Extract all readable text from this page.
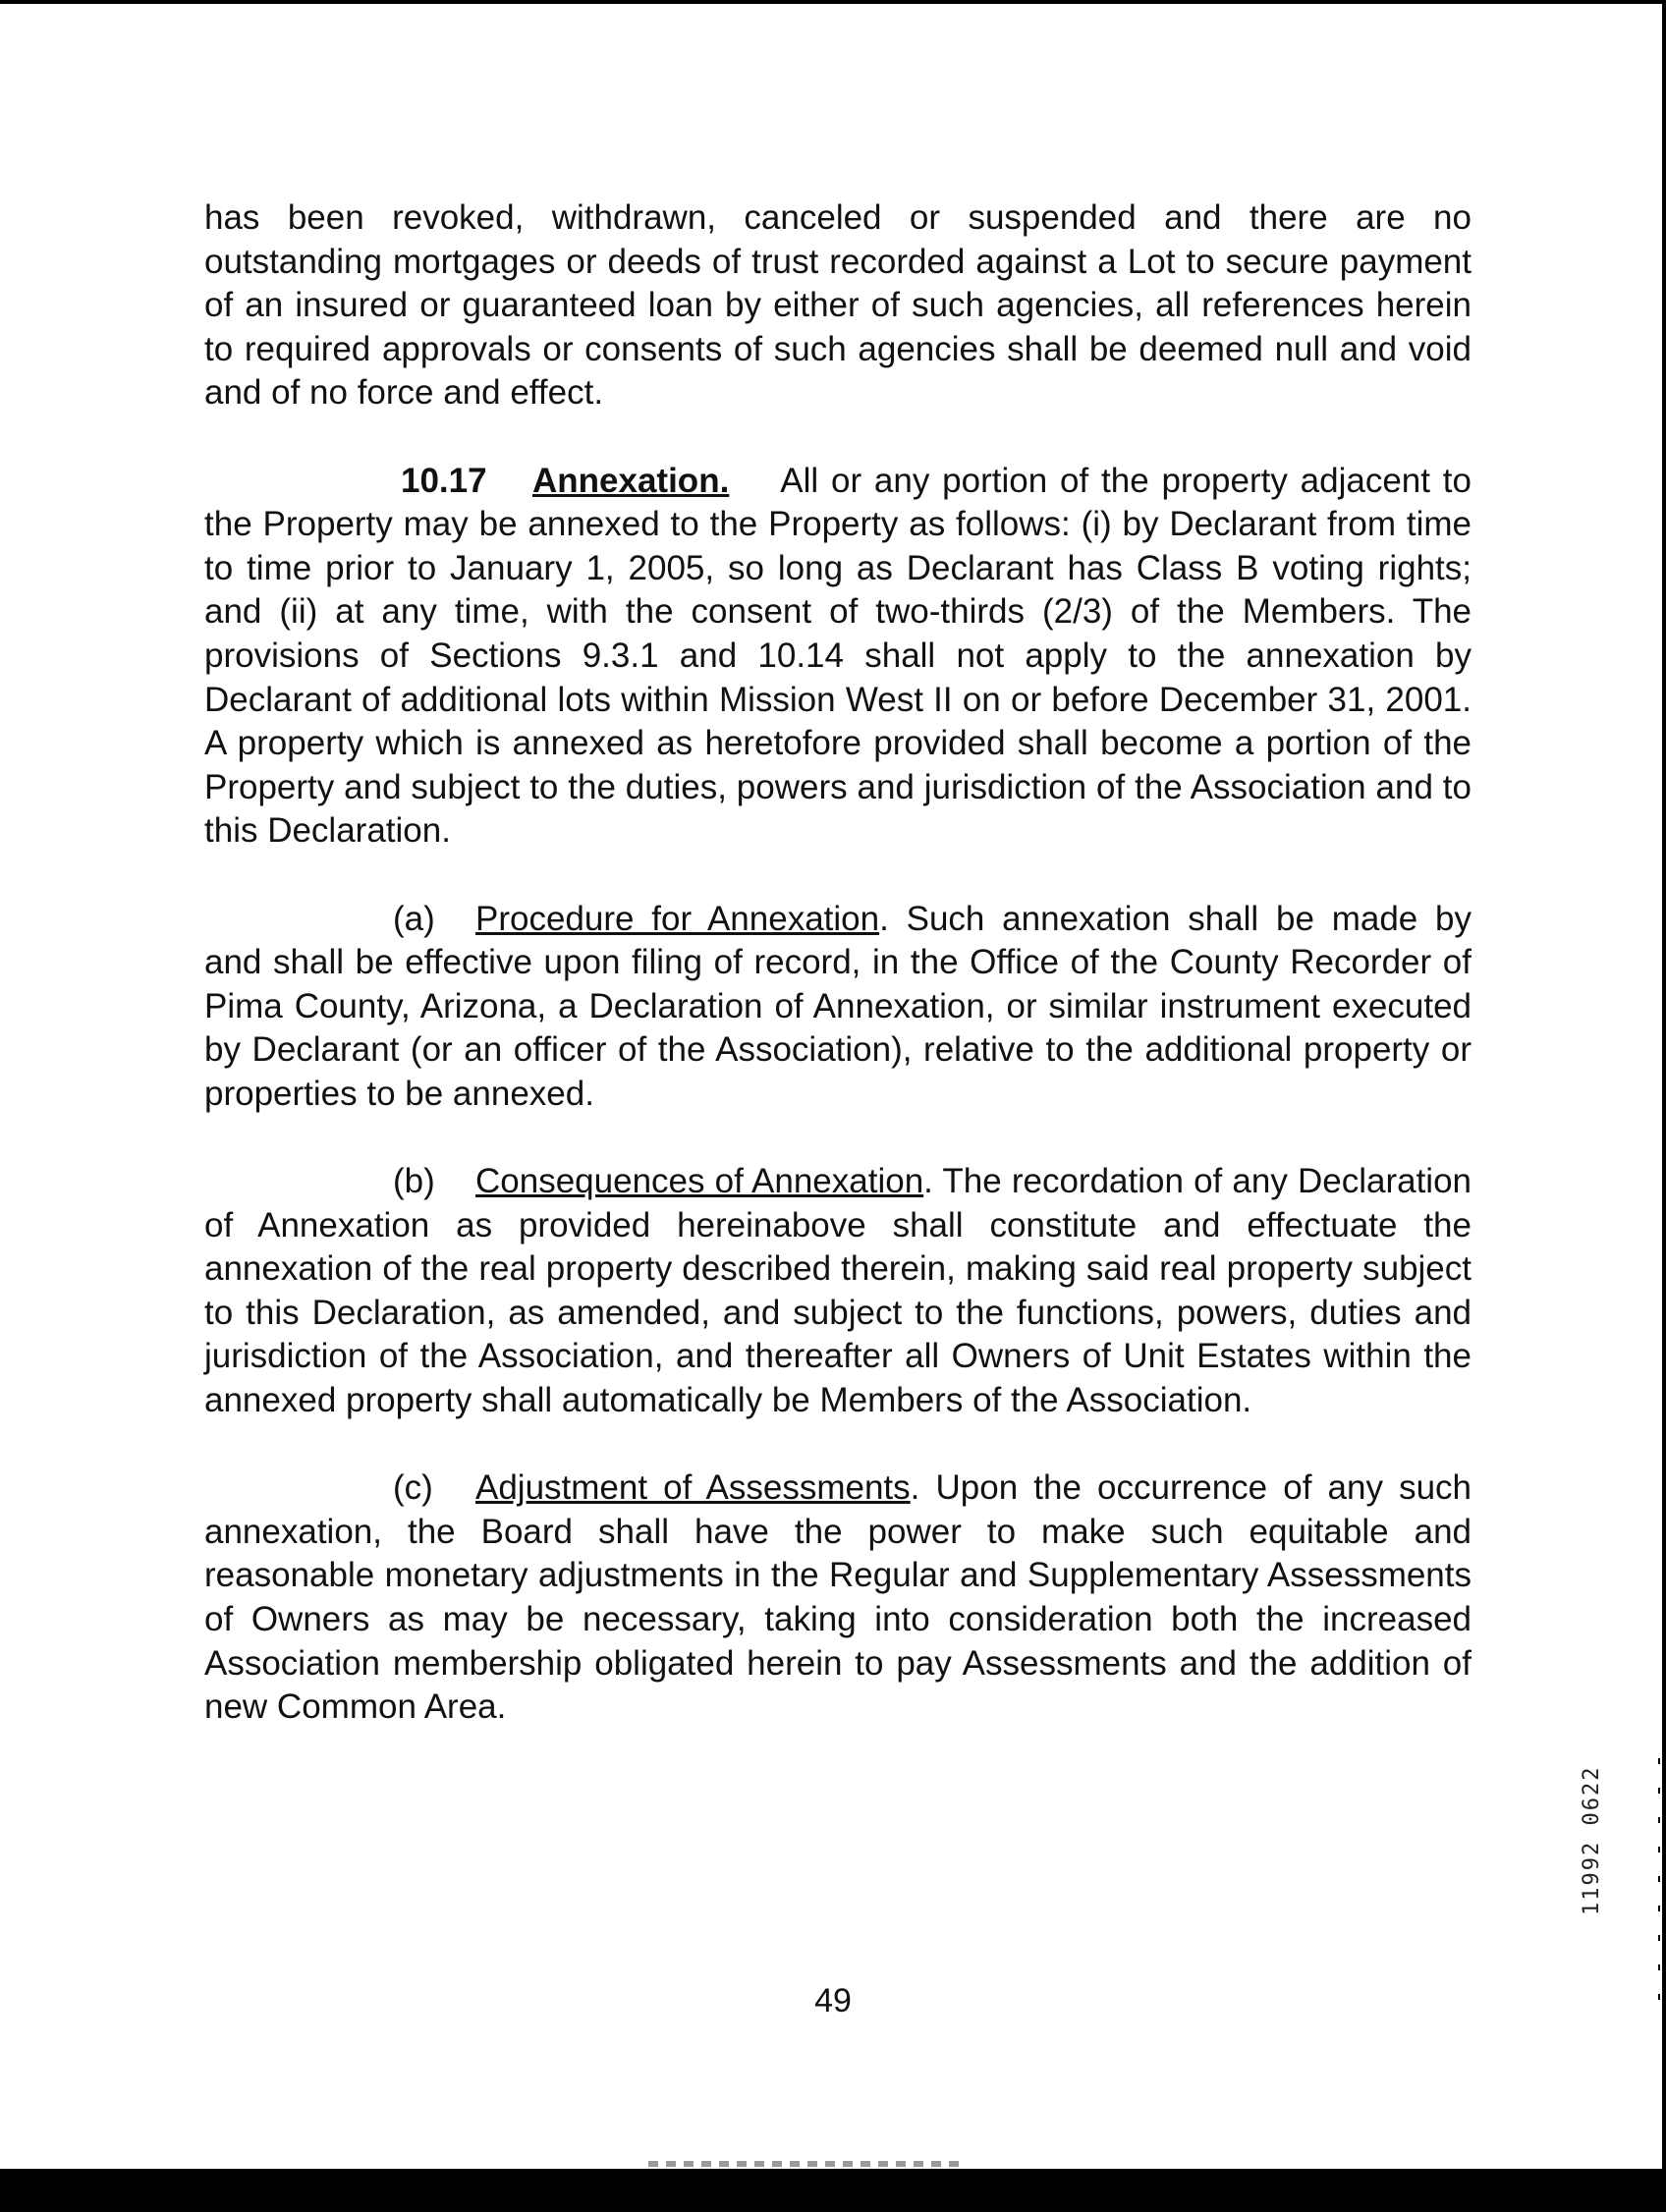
has been revoked, withdrawn, canceled or suspended and there are no outstanding mortgages or deeds of trust recorded against a Lot to secure payment of an insured or guaranteed loan by either of such agencies, all references herein to required approvals or consents of such agencies shall be deemed null and void and of no force and effect.

10.17 Annexation. All or any portion of the property adjacent to the Property may be annexed to the Property as follows: (i) by Declarant from time to time prior to January 1, 2005, so long as Declarant has Class B voting rights; and (ii) at any time, with the consent of two-thirds (2/3) of the Members. The provisions of Sections 9.3.1 and 10.14 shall not apply to the annexation by Declarant of additional lots within Mission West II on or before December 31, 2001. A property which is annexed as heretofore provided shall become a portion of the Property and subject to the duties, powers and jurisdiction of the Association and to this Declaration.

(a) Procedure for Annexation. Such annexation shall be made by and shall be effective upon filing of record, in the Office of the County Recorder of Pima County, Arizona, a Declaration of Annexation, or similar instrument executed by Declarant (or an officer of the Association), relative to the additional property or properties to be annexed.

(b) Consequences of Annexation. The recordation of any Declaration of Annexation as provided hereinabove shall constitute and effectuate the annexation of the real property described therein, making said real property subject to this Declaration, as amended, and subject to the functions, powers, duties and jurisdiction of the Association, and thereafter all Owners of Unit Estates within the annexed property shall automatically be Members of the Association.

(c) Adjustment of Assessments. Upon the occurrence of any such annexation, the Board shall have the power to make such equitable and reasonable monetary adjustments in the Regular and Supplementary Assessments of Owners as may be necessary, taking into consideration both the increased Association membership obligated herein to pay Assessments and the addition of new Common Area.

11992 0622
49
